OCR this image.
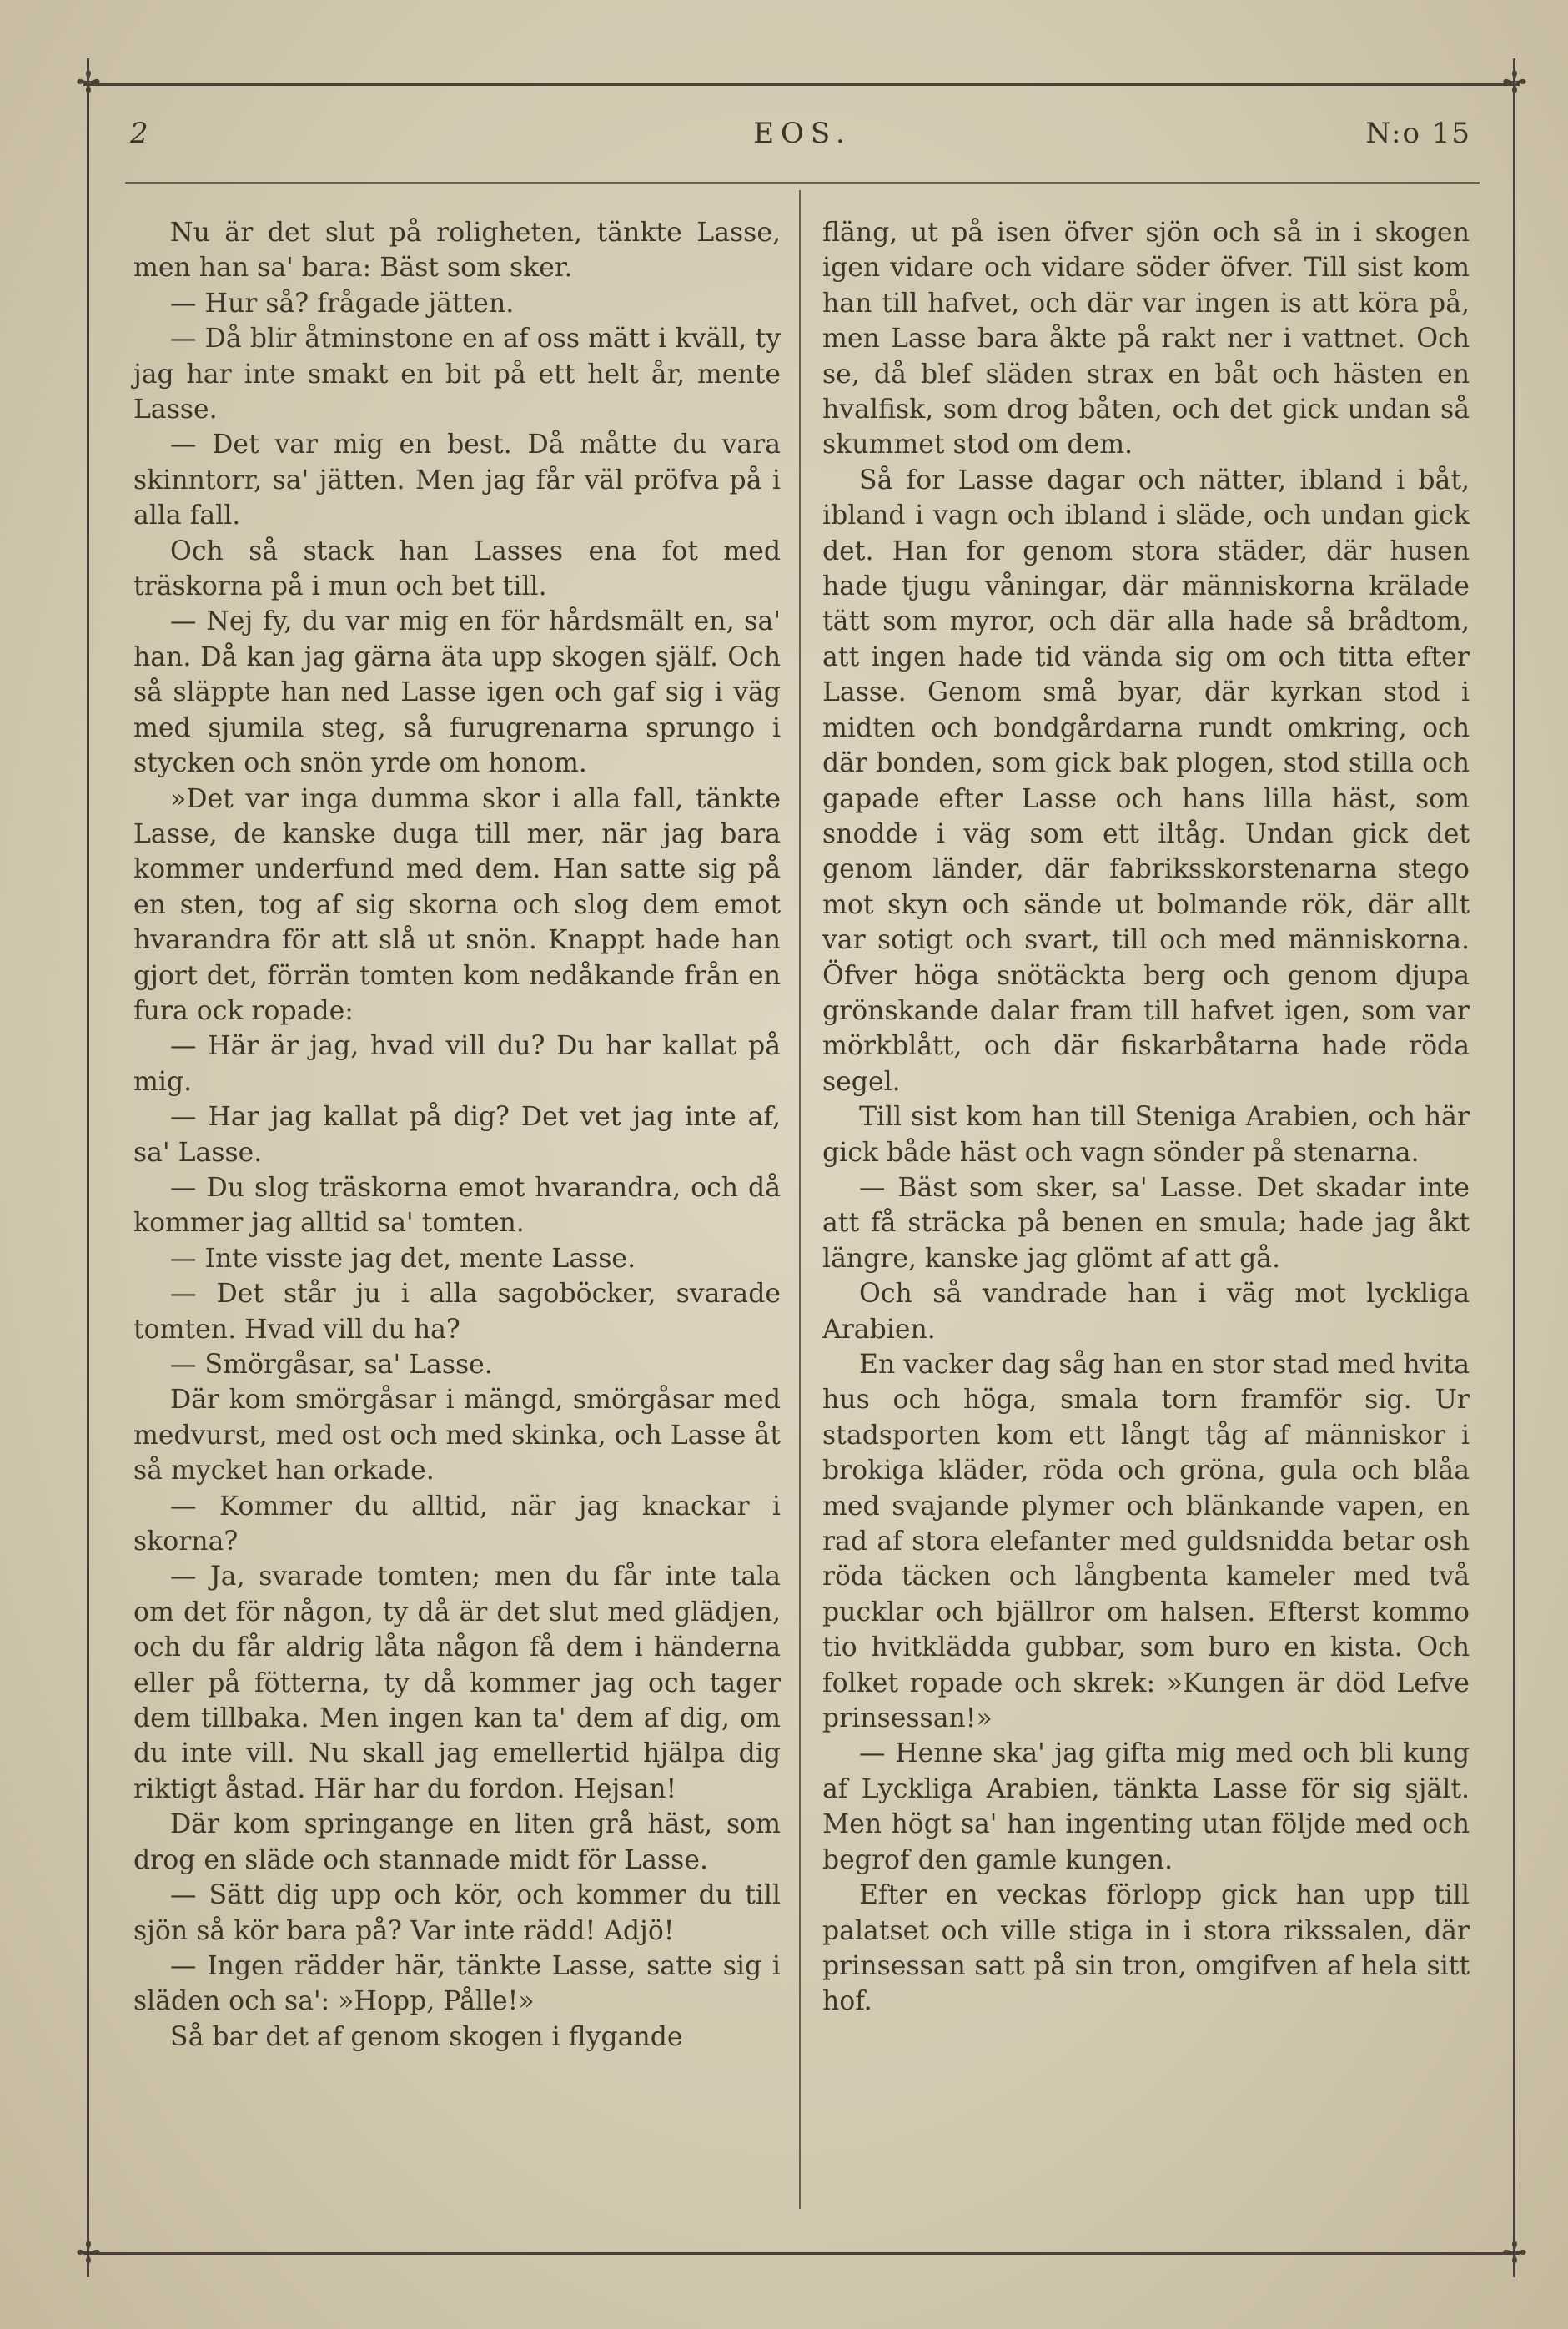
✢	✢
✢	✢
2	EOS.	N:o 15

Nu är det slut på roligheten, tänkte Lasse, men han sa' bara: Bäst som sker.

— Hur så? frågade jätten.

— Då blir åtminstone en af oss mätt i kväll, ty jag har inte smakt en bit på ett helt år, mente Lasse.

— Det var mig en best. Då måtte du vara skinntorr, sa' jätten. Men jag får väl pröfva på i alla fall.

Och så stack han Lasses ena fot med träskorna på i mun och bet till.

— Nej fy, du var mig en för hårdsmält en, sa' han. Då kan jag gärna äta upp skogen själf. Och så släppte han ned Lasse igen och gaf sig i väg med sjumila steg, så furugrenarna sprungo i stycken och snön yrde om honom.

»Det var inga dumma skor i alla fall, tänkte Lasse, de kanske duga till mer, när jag bara kommer underfund med dem. Han satte sig på en sten, tog af sig skorna och slog dem emot hvarandra för att slå ut snön. Knappt hade han gjort det, förrän tomten kom nedåkande från en fura ock ropade:

— Här är jag, hvad vill du? Du har kallat på mig.

— Har jag kallat på dig? Det vet jag inte af, sa' Lasse.

— Du slog träskorna emot hvarandra, och då kommer jag alltid sa' tomten.

— Inte visste jag det, mente Lasse.

— Det står ju i alla sagoböcker, svarade tomten. Hvad vill du ha?

— Smörgåsar, sa' Lasse.

Där kom smörgåsar i mängd, smörgåsar med medvurst, med ost och med skinka, och Lasse åt så mycket han orkade.

— Kommer du alltid, när jag knackar i skorna?

— Ja, svarade tomten; men du får inte tala om det för någon, ty då är det slut med glädjen, och du får aldrig låta någon få dem i händerna eller på fötterna, ty då kommer jag och tager dem tillbaka. Men ingen kan ta' dem af dig, om du inte vill. Nu skall jag emellertid hjälpa dig riktigt åstad. Här har du fordon. Hejsan!

Där kom springange en liten grå häst, som drog en släde och stannade midt för Lasse.

— Sätt dig upp och kör, och kommer du till sjön så kör bara på? Var inte rädd! Adjö!

— Ingen rädder här, tänkte Lasse, satte sig i släden och sa': »Hopp, Pålle!»

Så bar det af genom skogen i flygande

fläng, ut på isen öfver sjön och så in i skogen igen vidare och vidare söder öfver. Till sist kom han till hafvet, och där var ingen is att köra på, men Lasse bara åkte på rakt ner i vattnet. Och se, då blef släden strax en båt och hästen en hvalfisk, som drog båten, och det gick undan så skummet stod om dem.

Så for Lasse dagar och nätter, ibland i båt, ibland i vagn och ibland i släde, och undan gick det. Han for genom stora städer, där husen hade tjugu våningar, där människorna krälade tätt som myror, och där alla hade så brådtom, att ingen hade tid vända sig om och titta efter Lasse. Genom små byar, där kyrkan stod i midten och bondgårdarna rundt omkring, och där bonden, som gick bak plogen, stod stilla och gapade efter Lasse och hans lilla häst, som snodde i väg som ett iltåg. Undan gick det genom länder, där fabriksskorstenarna stego mot skyn och sände ut bolmande rök, där allt var sotigt och svart, till och med människorna. Öfver höga snötäckta berg och genom djupa grönskande dalar fram till hafvet igen, som var mörkblått, och där fiskarbåtarna hade röda segel.

Till sist kom han till Steniga Arabien, och här gick både häst och vagn sönder på stenarna.

— Bäst som sker, sa' Lasse. Det skadar inte att få sträcka på benen en smula; hade jag åkt längre, kanske jag glömt af att gå.

Och så vandrade han i väg mot lyckliga Arabien.

En vacker dag såg han en stor stad med hvita hus och höga, smala torn framför sig. Ur stadsporten kom ett långt tåg af människor i brokiga kläder, röda och gröna, gula och blåa med svajande plymer och blänkande vapen, en rad af stora elefanter med guldsnidda betar osh röda täcken och långbenta kameler med två pucklar och bjällror om halsen. Efterst kommo tio hvitklädda gubbar, som buro en kista. Och folket ropade och skrek: »Kungen är död Lefve prinsessan!»

— Henne ska' jag gifta mig med och bli kung af Lyckliga Arabien, tänkta Lasse för sig själt. Men högt sa' han ingenting utan följde med och begrof den gamle kungen.

Efter en veckas förlopp gick han upp till palatset och ville stiga in i stora rikssalen, där prinsessan satt på sin tron, omgifven af hela sitt hof.
